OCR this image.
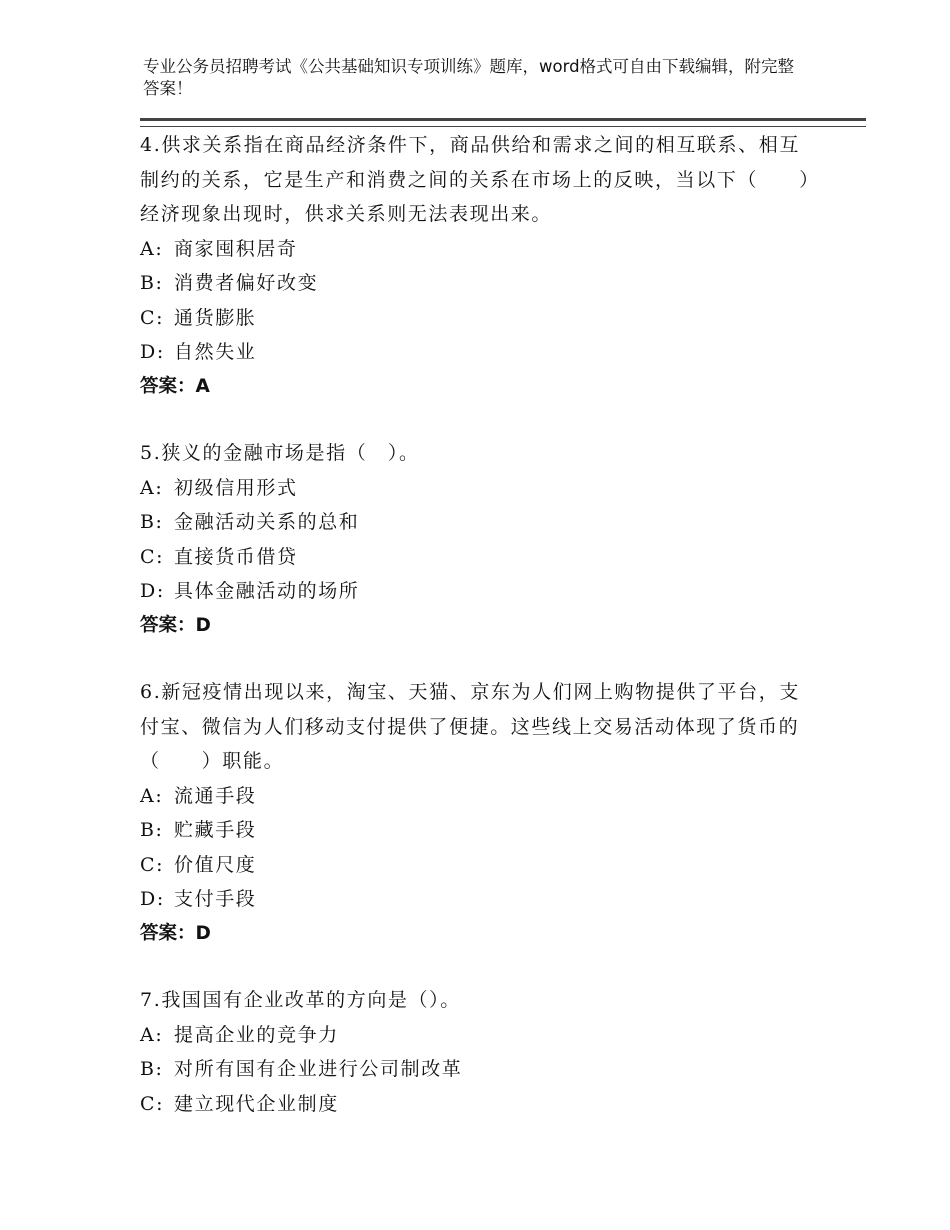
专业公务员招聘考试《公共基础知识专项训练》题库，word格式可自由下载编辑，附完整答案！

4.供求关系指在商品经济条件下，商品供给和需求之间的相互联系、相互制约的关系，它是生产和消费之间的关系在市场上的反映，当以下（　　）经济现象出现时，供求关系则无法表现出来。

A: 商家囤积居奇

B: 消费者偏好改变

C: 通货膨胀

D: 自然失业

答案：A

5.狭义的金融市场是指（　）。

A: 初级信用形式

B: 金融活动关系的总和

C: 直接货币借贷

D: 具体金融活动的场所

答案：D

6.新冠疫情出现以来，淘宝、天猫、京东为人们网上购物提供了平台，支付宝、微信为人们移动支付提供了便捷。这些线上交易活动体现了货币的（　　）职能。

A: 流通手段

B: 贮藏手段

C: 价值尺度

D: 支付手段

答案：D

7.我国国有企业改革的方向是（）。

A: 提高企业的竞争力

B: 对所有国有企业进行公司制改革

C: 建立现代企业制度
